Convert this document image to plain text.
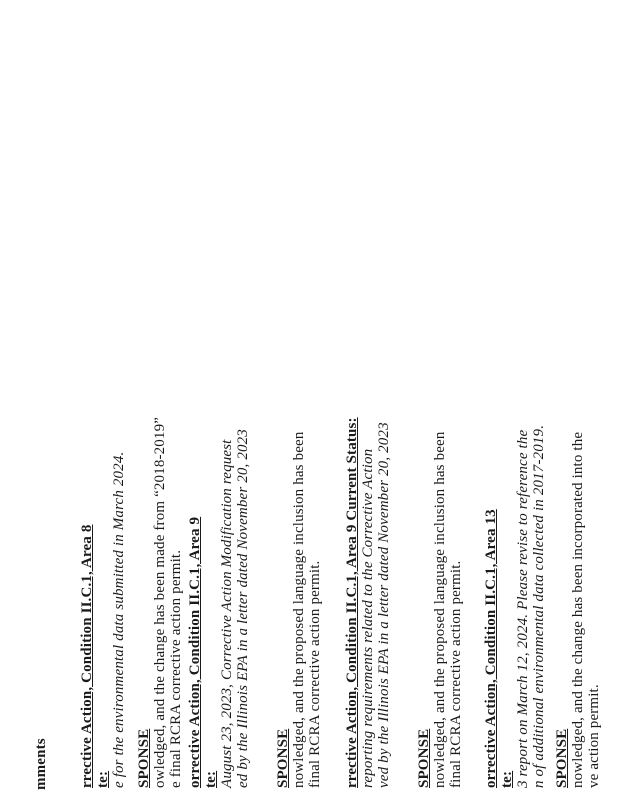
mments rrective Action, Condition II.C.1, Area 8 te: e for the environmental data submitted in March 2024. SPONSE owledged, and the change has been made from “2018-2019” e final RCRA corrective action permit. orrective Action, Condition II.C.1, Area 9 te: August 23, 2023, Corrective Action Modification request ed by the Illinois EPA in a letter dated November 20, 2023 SPONSE nowledged, and the proposed language inclusion has been final RCRA corrective action permit. rrective Action, Condition II.C.1, Area 9 Current Status: reporting requirements related to the Corrective Action ved by the Illinois EPA in a letter dated November 20, 2023 SPONSE nowledged, and the proposed language inclusion has been final RCRA corrective action permit. orrective Action, Condition II.C.1, Area 13 te: 3 report on March 12, 2024. Please revise to reference the n of additional environmental data collected in 2017-2019. SPONSE nowledged, and the change has been incorporated into the ve action permit.
